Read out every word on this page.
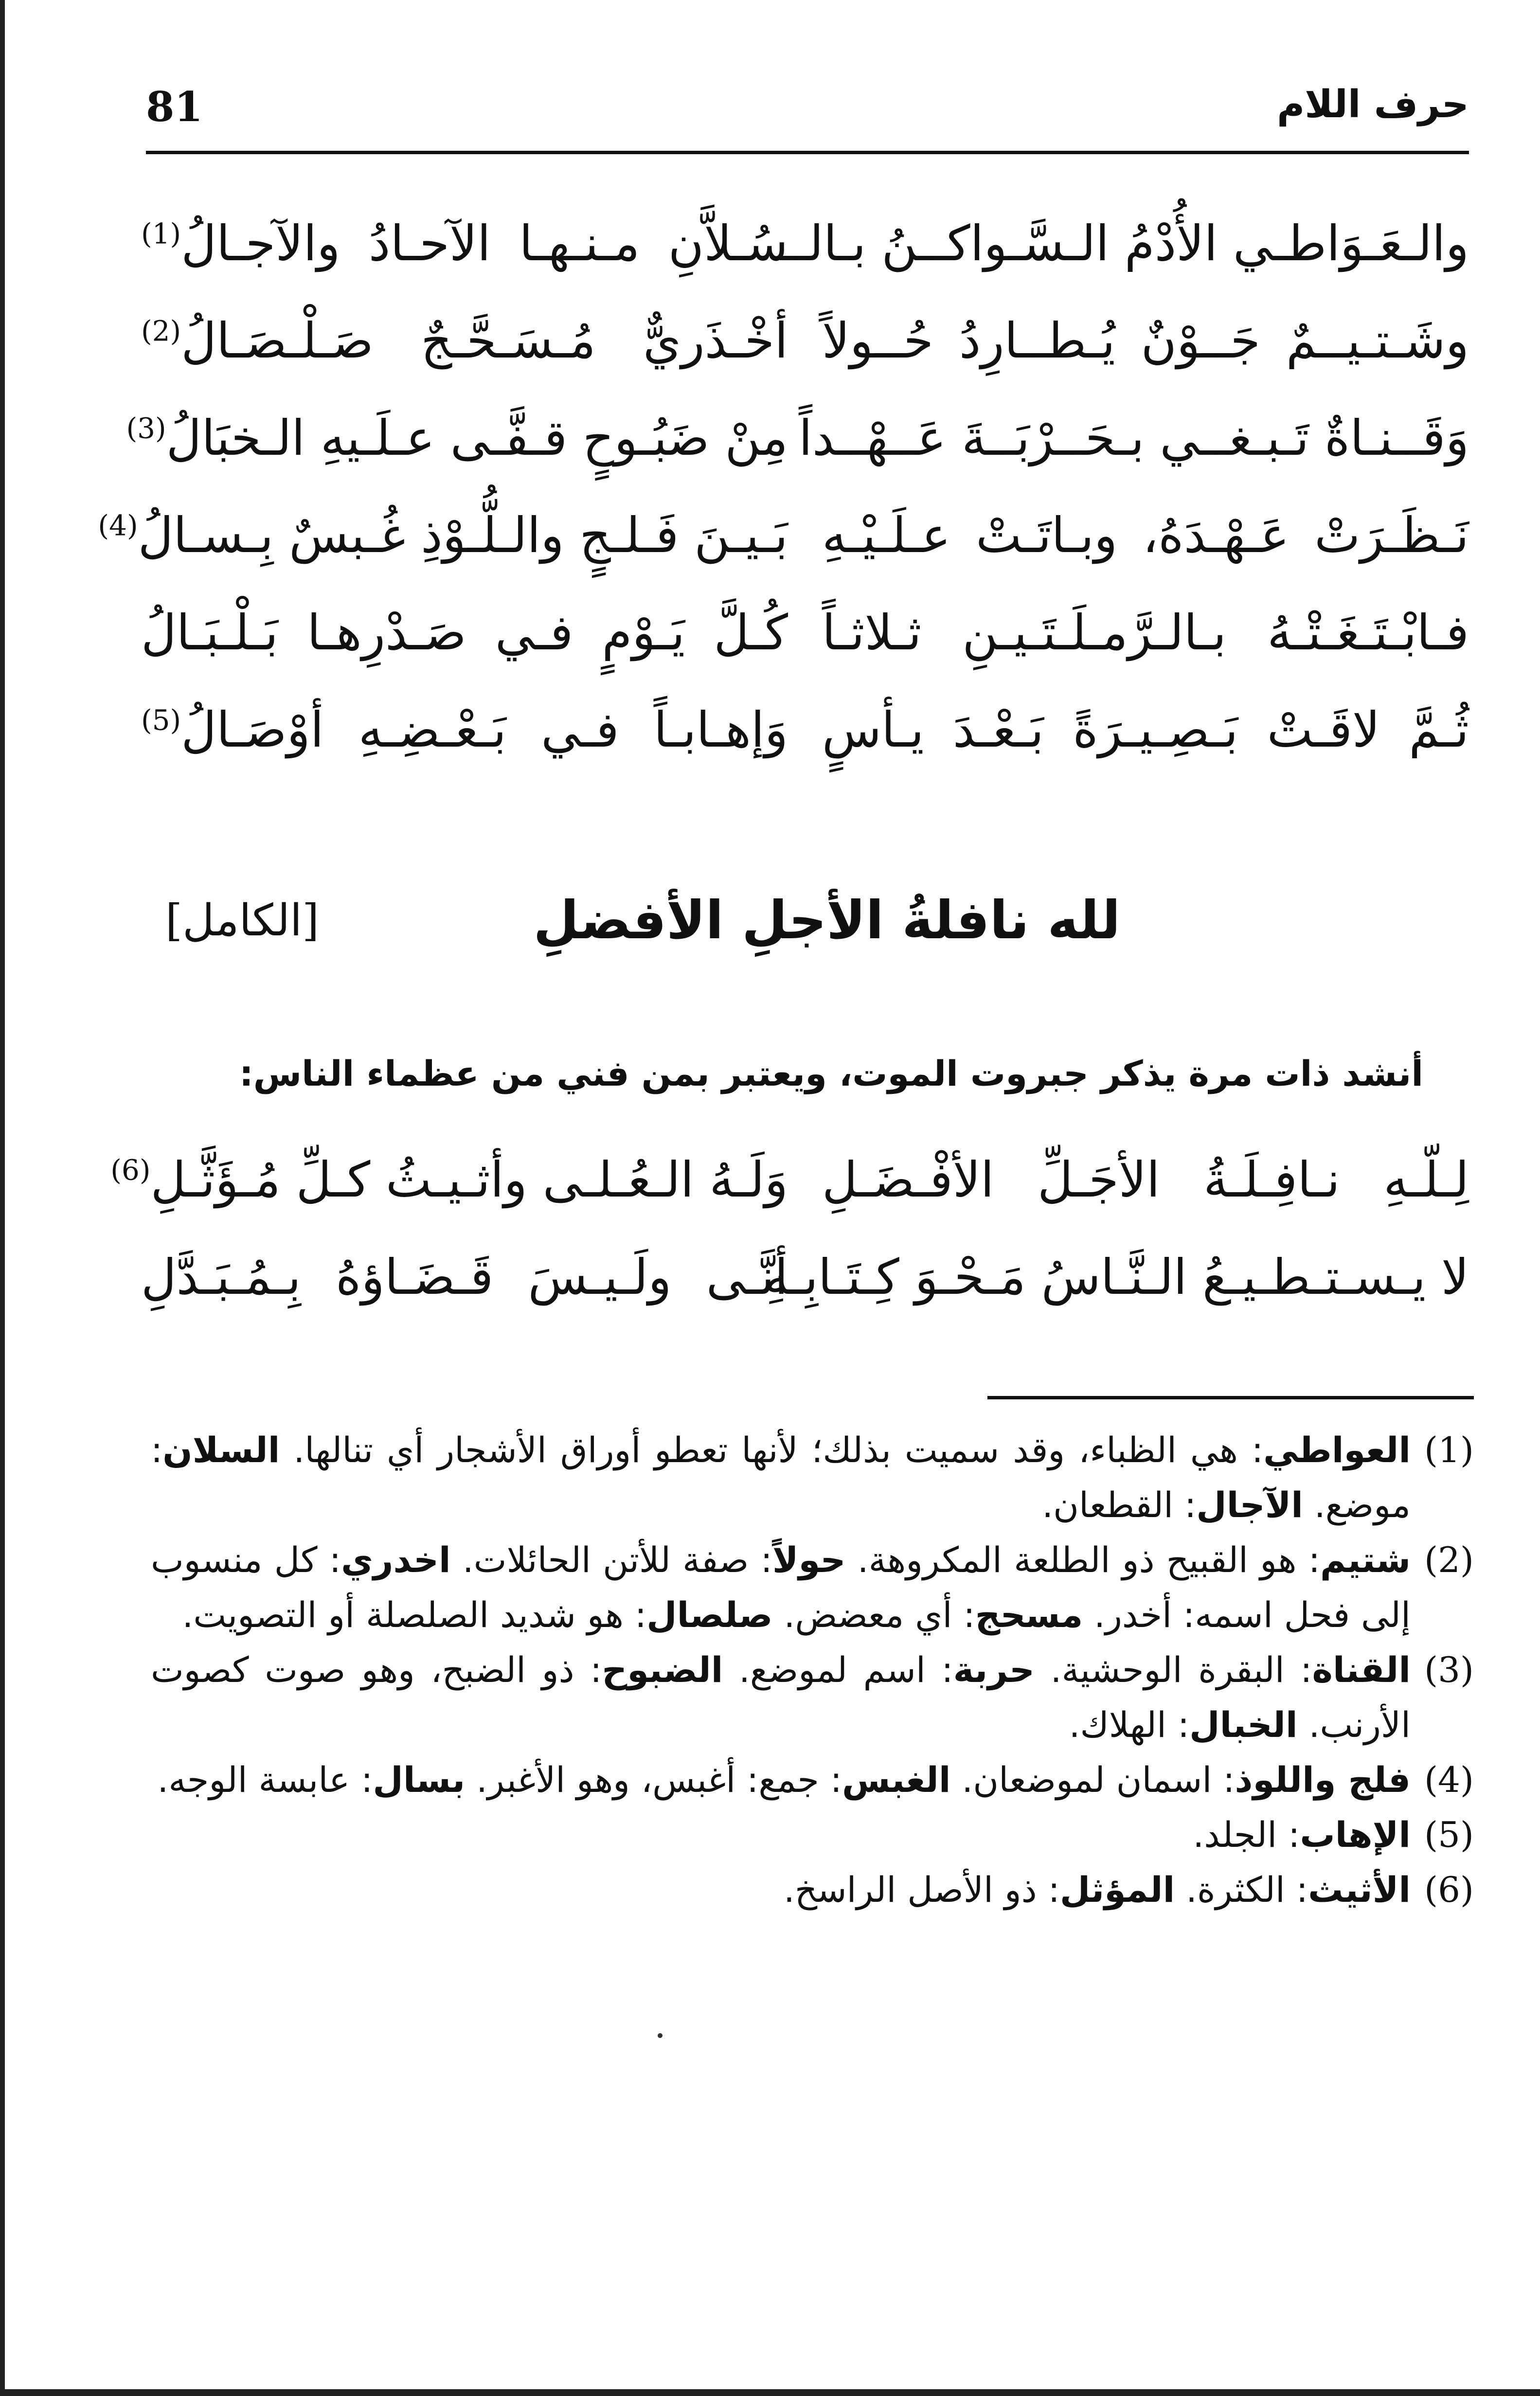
81	حرف اللام
والـعَـوَاطـي الأُدْمُ الـسَّـواكــنُ بـالــ
سُـلاَّنِ مـنـهـا الآحـادُ والآجـالُ$^{(1)}$
وشَـتـيــمٌ جَــوْنٌ يُـطــارِدُ حُــولاً
أخْـذَريٌّ مُـسَـحَّـجٌ صَـلْـصَـالُ$^{(2)}$
وَقَــنـاةٌ تَـبـغــي بـحَــرْبَــةَ عَــهْــداً
مِنْ ضَبُـوحٍ قـفَّـى عـلَـيهِ الـخبَالُ$^{(3)}$
نَـظَـرَتْ عَـهْـدَهُ، وبـاتَـتْ عـلَـيْـهِ
بَـيـنَ فَـلـجٍ والـلُّـوْذِ غُـبسٌ بِـسـالُ$^{(4)}$
فـابْـتَـغَـتْـهُ بـالـرَّمـلَـتَـيـنِ ثـلاثـاً
كُـلَّ يَـوْمٍ فـي صَـدْرِهـا بَـلْـبَـالُ
ثُـمَّ لاقَـتْ بَـصِـيـرَةً بَـعْـدَ يـأسٍ
وَإهـابـاً فـي بَـعْـضِـهِ أوْصَـالُ$^{(5)}$
لله نافلةُ الأجلِ الأفضلِ
[الكامل]
أنشد ذات مرة يذكر جبروت الموت، ويعتبر بمن فني من عظماء الناس:
لِـلّـهِ نـافِـلَـةُ الأجَـلِّ الأفْـضَـلِ
وَلَـهُ الـعُـلـى وأثـيـثُ كـلِّ مُـؤَثَّـلِ$^{(6)}$
لا يـسـتـطـيـعُ الـنَّـاسُ مَـحْـوَ كِـتَـابِـهِ
أنَّـى ولَـيـسَ قَـضَـاؤهُ بِـمُـبَـدَّلِ
(1)
العواطي: هي الظباء، وقد سميت بذلك؛ لأنها تعطو أوراق الأشجار أي تنالها. السلان: موضع. الآجال: القطعان.
(2)
شتيم: هو القبيح ذو الطلعة المكروهة. حولاً: صفة للأتن الحائلات. اخدري: كل منسوب إلى فحل اسمه: أخدر. مسحج: أي معضض. صلصال: هو شديد الصلصلة أو التصويت.
(3)
القناة: البقرة الوحشية. حربة: اسم لموضع. الضبوح: ذو الضبح، وهو صوت كصوت الأرنب. الخبال: الهلاك.
(4)
فلج واللوذ: اسمان لموضعان. الغبس: جمع: أغبس، وهو الأغبر. بسال: عابسة الوجه.
(5)
الإهاب: الجلد.
(6)
الأثيث: الكثرة. المؤثل: ذو الأصل الراسخ.
